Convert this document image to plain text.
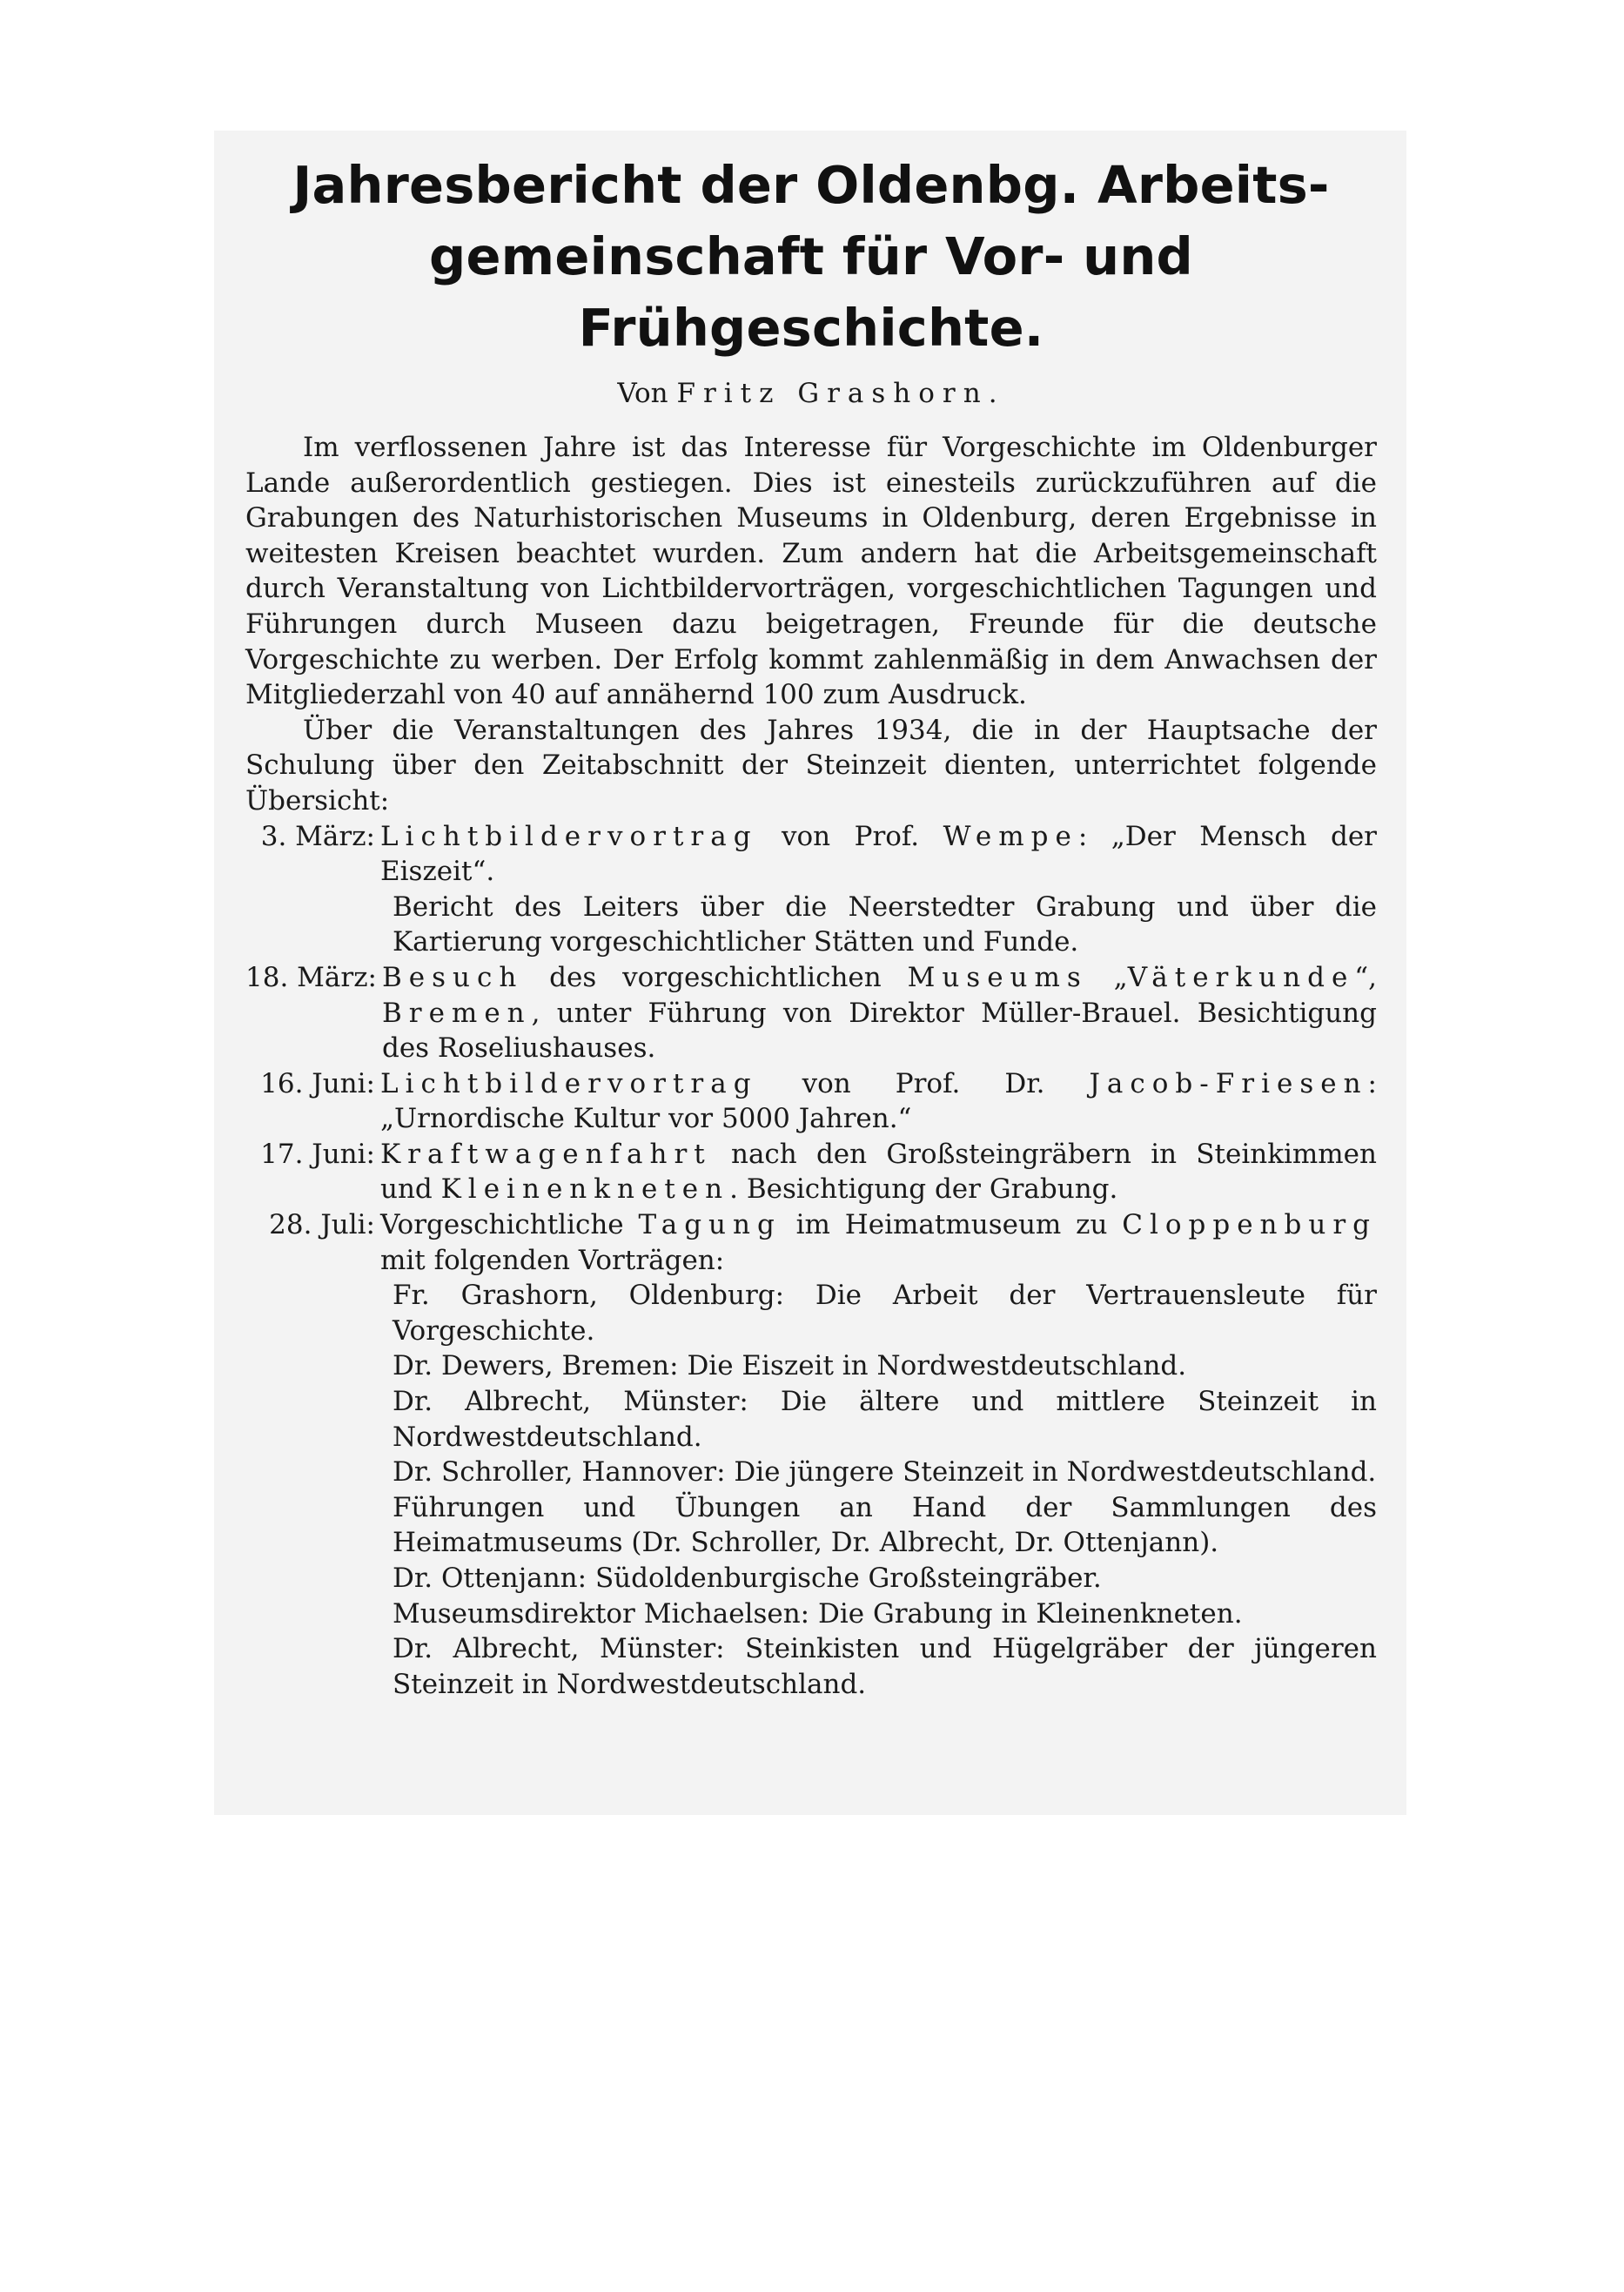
Jahresbericht der Oldenbg. Arbeits-
gemeinschaft für Vor- und Frühgeschichte.
Von Fritz Grashorn.

Im verflossenen Jahre ist das Interesse für Vorgeschichte im Oldenburger Lande außerordentlich gestiegen. Dies ist einesteils zurückzuführen auf die Grabungen des Naturhistorischen Museums in Oldenburg, deren Ergebnisse in weitesten Kreisen beachtet wurden. Zum andern hat die Arbeitsgemeinschaft durch Veranstaltung von Lichtbildervorträgen, vorgeschichtlichen Tagungen und Führungen durch Museen dazu beigetragen, Freunde für die deutsche Vorgeschichte zu werben. Der Erfolg kommt zahlenmäßig in dem Anwachsen der Mitgliederzahl von 40 auf annähernd 100 zum Ausdruck.

Über die Veranstaltungen des Jahres 1934, die in der Hauptsache der Schulung über den Zeitabschnitt der Steinzeit dienten, unterrichtet folgende Übersicht:

3. März: Lichtbildervortrag von Prof. Wempe: „Der Mensch der Eiszeit“.
Bericht des Leiters über die Neerstedter Grabung und über die Kartierung vorgeschichtlicher Stätten und Funde.
18. März: Besuch des vorgeschichtlichen Museums „Väterkunde“, Bremen, unter Führung von Direktor Müller-Brauel. Besichtigung des Roseliushauses.
16. Juni: Lichtbildervortrag von Prof. Dr. Jacob-Friesen: „Urnordische Kultur vor 5000 Jahren.“
17. Juni: Kraftwagenfahrt nach den Großsteingräbern in Steinkimmen und Kleinenkneten. Besichtigung der Grabung.
28. Juli: Vorgeschichtliche Tagung im Heimatmuseum zu Cloppenburg mit folgenden Vorträgen:
Fr. Grashorn, Oldenburg: Die Arbeit der Vertrauensleute für Vorgeschichte.
Dr. Dewers, Bremen: Die Eiszeit in Nordwestdeutschland.
Dr. Albrecht, Münster: Die ältere und mittlere Steinzeit in Nordwestdeutschland.
Dr. Schroller, Hannover: Die jüngere Steinzeit in Nordwestdeutschland.
Führungen und Übungen an Hand der Sammlungen des Heimatmuseums (Dr. Schroller, Dr. Albrecht, Dr. Ottenjann).
Dr. Ottenjann: Südoldenburgische Großsteingräber.
Museumsdirektor Michaelsen: Die Grabung in Kleinenkneten.
Dr. Albrecht, Münster: Steinkisten und Hügelgräber der jüngeren Steinzeit in Nordwestdeutschland.
